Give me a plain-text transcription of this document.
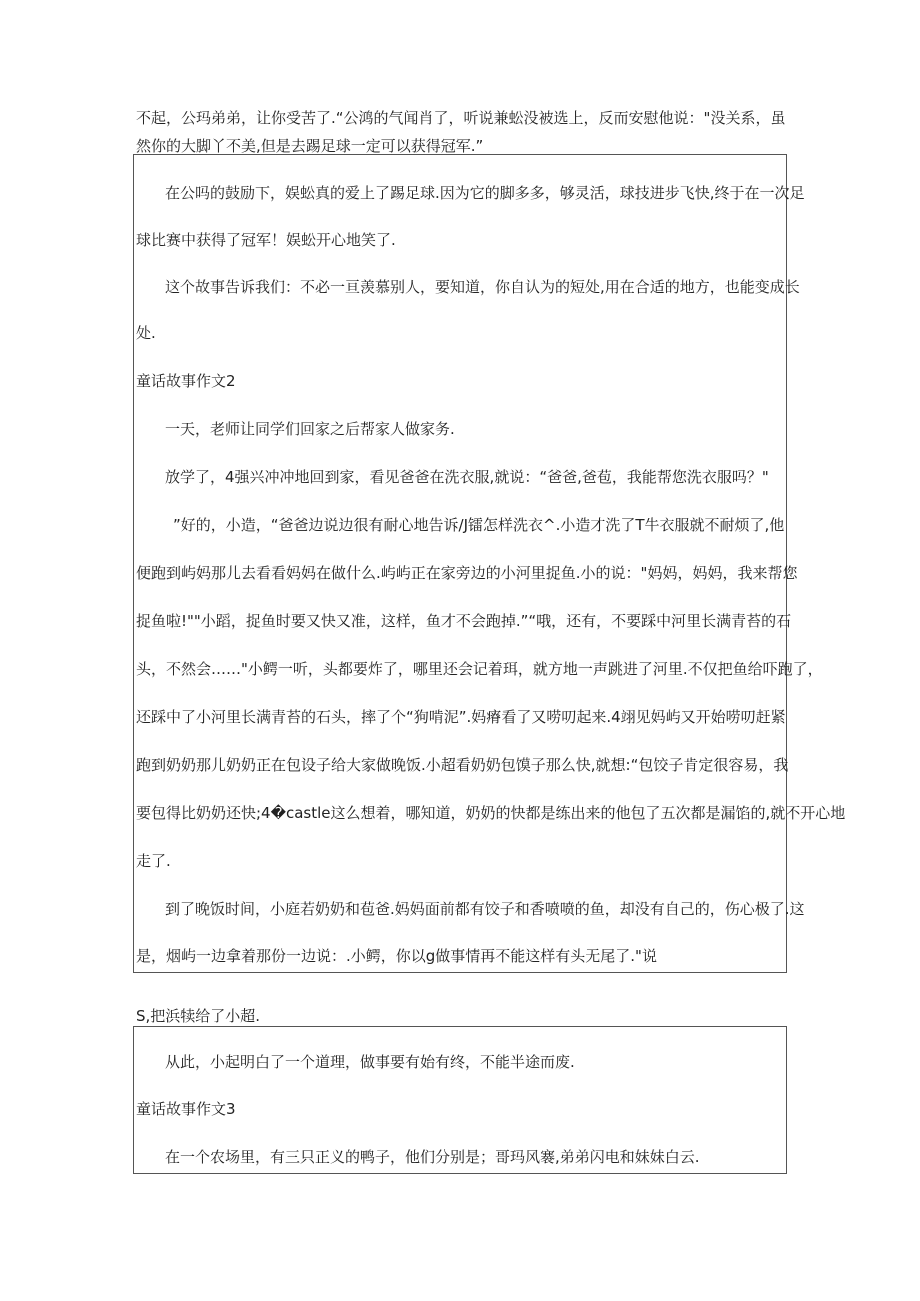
不起，公玛弟弟，让你受苦了.“公鸿的气闻肖了，听说兼蚣没被选上，反而安慰他说："没关系，虽

然你的大脚丫不美,但是去踢足球一定可以获得冠军.”

在公吗的鼓励下，娱蚣真的爱上了踢足球.因为它的脚多多，够灵活，球技进步飞快,终于在一次足

球比赛中获得了冠军！娱蚣开心地笑了.

这个故事告诉我们：不必一亘羡慕别人，要知道，你自认为的短处,用在合适的地方，也能变成长

处.

童话故事作文2

一天，老师让同学们回家之后帮家人做家务.

放学了，4强兴冲冲地回到家，看见爸爸在洗衣服,就说：“爸爸,爸苞，我能帮您洗衣服吗？"

”好的，小造，“爸爸边说边很有耐心地告诉/J镭怎样洗衣^.小造才洗了T牛衣服就不耐烦了,他

便跑到屿妈那儿去看看妈妈在做什么.屿屿正在家旁边的小河里捉鱼.小的说："妈妈，妈妈，我来帮您

捉鱼啦!""小蹈，捉鱼时要又快又准，这样，鱼才不会跑掉.”“哦，还有，不要踩中河里长满青苔的石

头，不然会……"小鳄一听，头都要炸了，哪里还会记着珥，就方地一声跳进了河里.不仅把鱼给吓跑了，

还踩中了小河里长满青苔的石头，摔了个“狗啃泥”.妈瘠看了又唠叨起来.4翊见妈屿又开始唠叨赶紧

跑到奶奶那儿奶奶正在包设子给大家做晚饭.小超看奶奶包馍子那么快,就想:“包饺子肯定很容易，我

要包得比奶奶还快;4�castle这么想着，哪知道，奶奶的快都是练出来的他包了五次都是漏馅的,就不开心地

走了.

到了晚饭时间，小庭若奶奶和苞爸.妈妈面前都有饺子和香喷喷的鱼，却没有自己的，伤心极了.这

是，烟屿一边拿着那份一边说：.小鳄，你以g做事情再不能这样有头无尾了."说

S,把浜犊给了小超.

从此，小起明白了一个道理，做事要有始有终，不能半途而废.

童话故事作文3

在一个农场里，有三只正义的鸭子，他们分别是；哥玛风褰,弟弟闪电和妹妹白云.
